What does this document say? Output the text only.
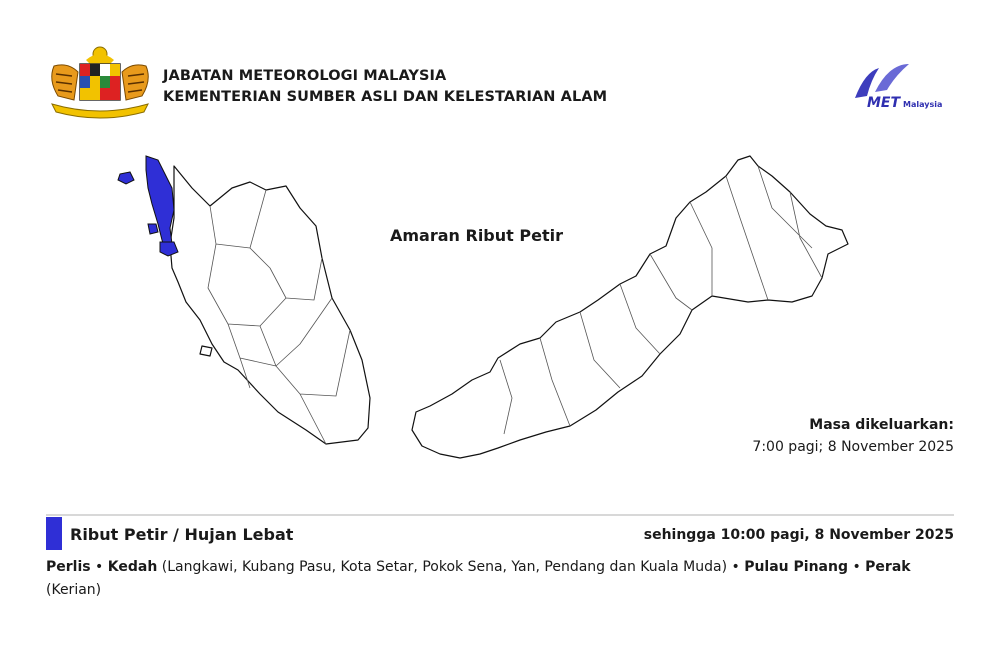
JABATAN METEOROLOGI MALAYSIA
KEMENTERIAN SUMBER ASLI DAN KELESTARIAN ALAM	MET Malaysia
Amaran Ribut Petir
Masa dikeluarkan:
7:00 pagi; 8 November 2025
Ribut Petir / Hujan Lebat	sehingga 10:00 pagi, 8 November 2025
Perlis • Kedah (Langkawi, Kubang Pasu, Kota Setar, Pokok Sena, Yan, Pendang dan Kuala Muda) • Pulau Pinang • Perak (Kerian)
